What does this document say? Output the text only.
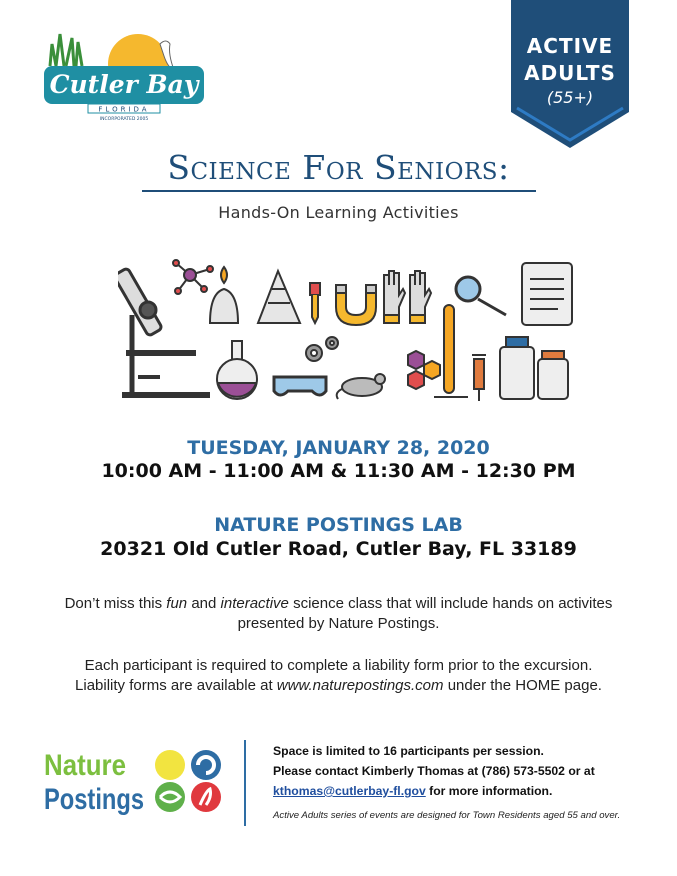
Cutler Bay
FLORIDA
INCORPORATED 2005
ACTIVE
ADULTS
(55+)
Science For Seniors:
Hands-On Learning Activities
TUESDAY, JANUARY 28, 2020
10:00 AM - 11:00 AM & 11:30 AM - 12:30 PM
NATURE POSTINGS LAB
20321 Old Cutler Road, Cutler Bay, FL 33189
Don’t miss this fun and interactive science class that will include hands on activites presented by Nature Postings.
Each participant is required to complete a liability form prior to the excursion.
Liability forms are available at www.naturepostings.com under the HOME page.
Nature
Postings
Space is limited to 16 participants per session.
Please contact Kimberly Thomas at (786) 573-5502 or at
kthomas@cutlerbay-fl.gov for more information.
Active Adults series of events are designed for Town Residents aged 55 and over.
